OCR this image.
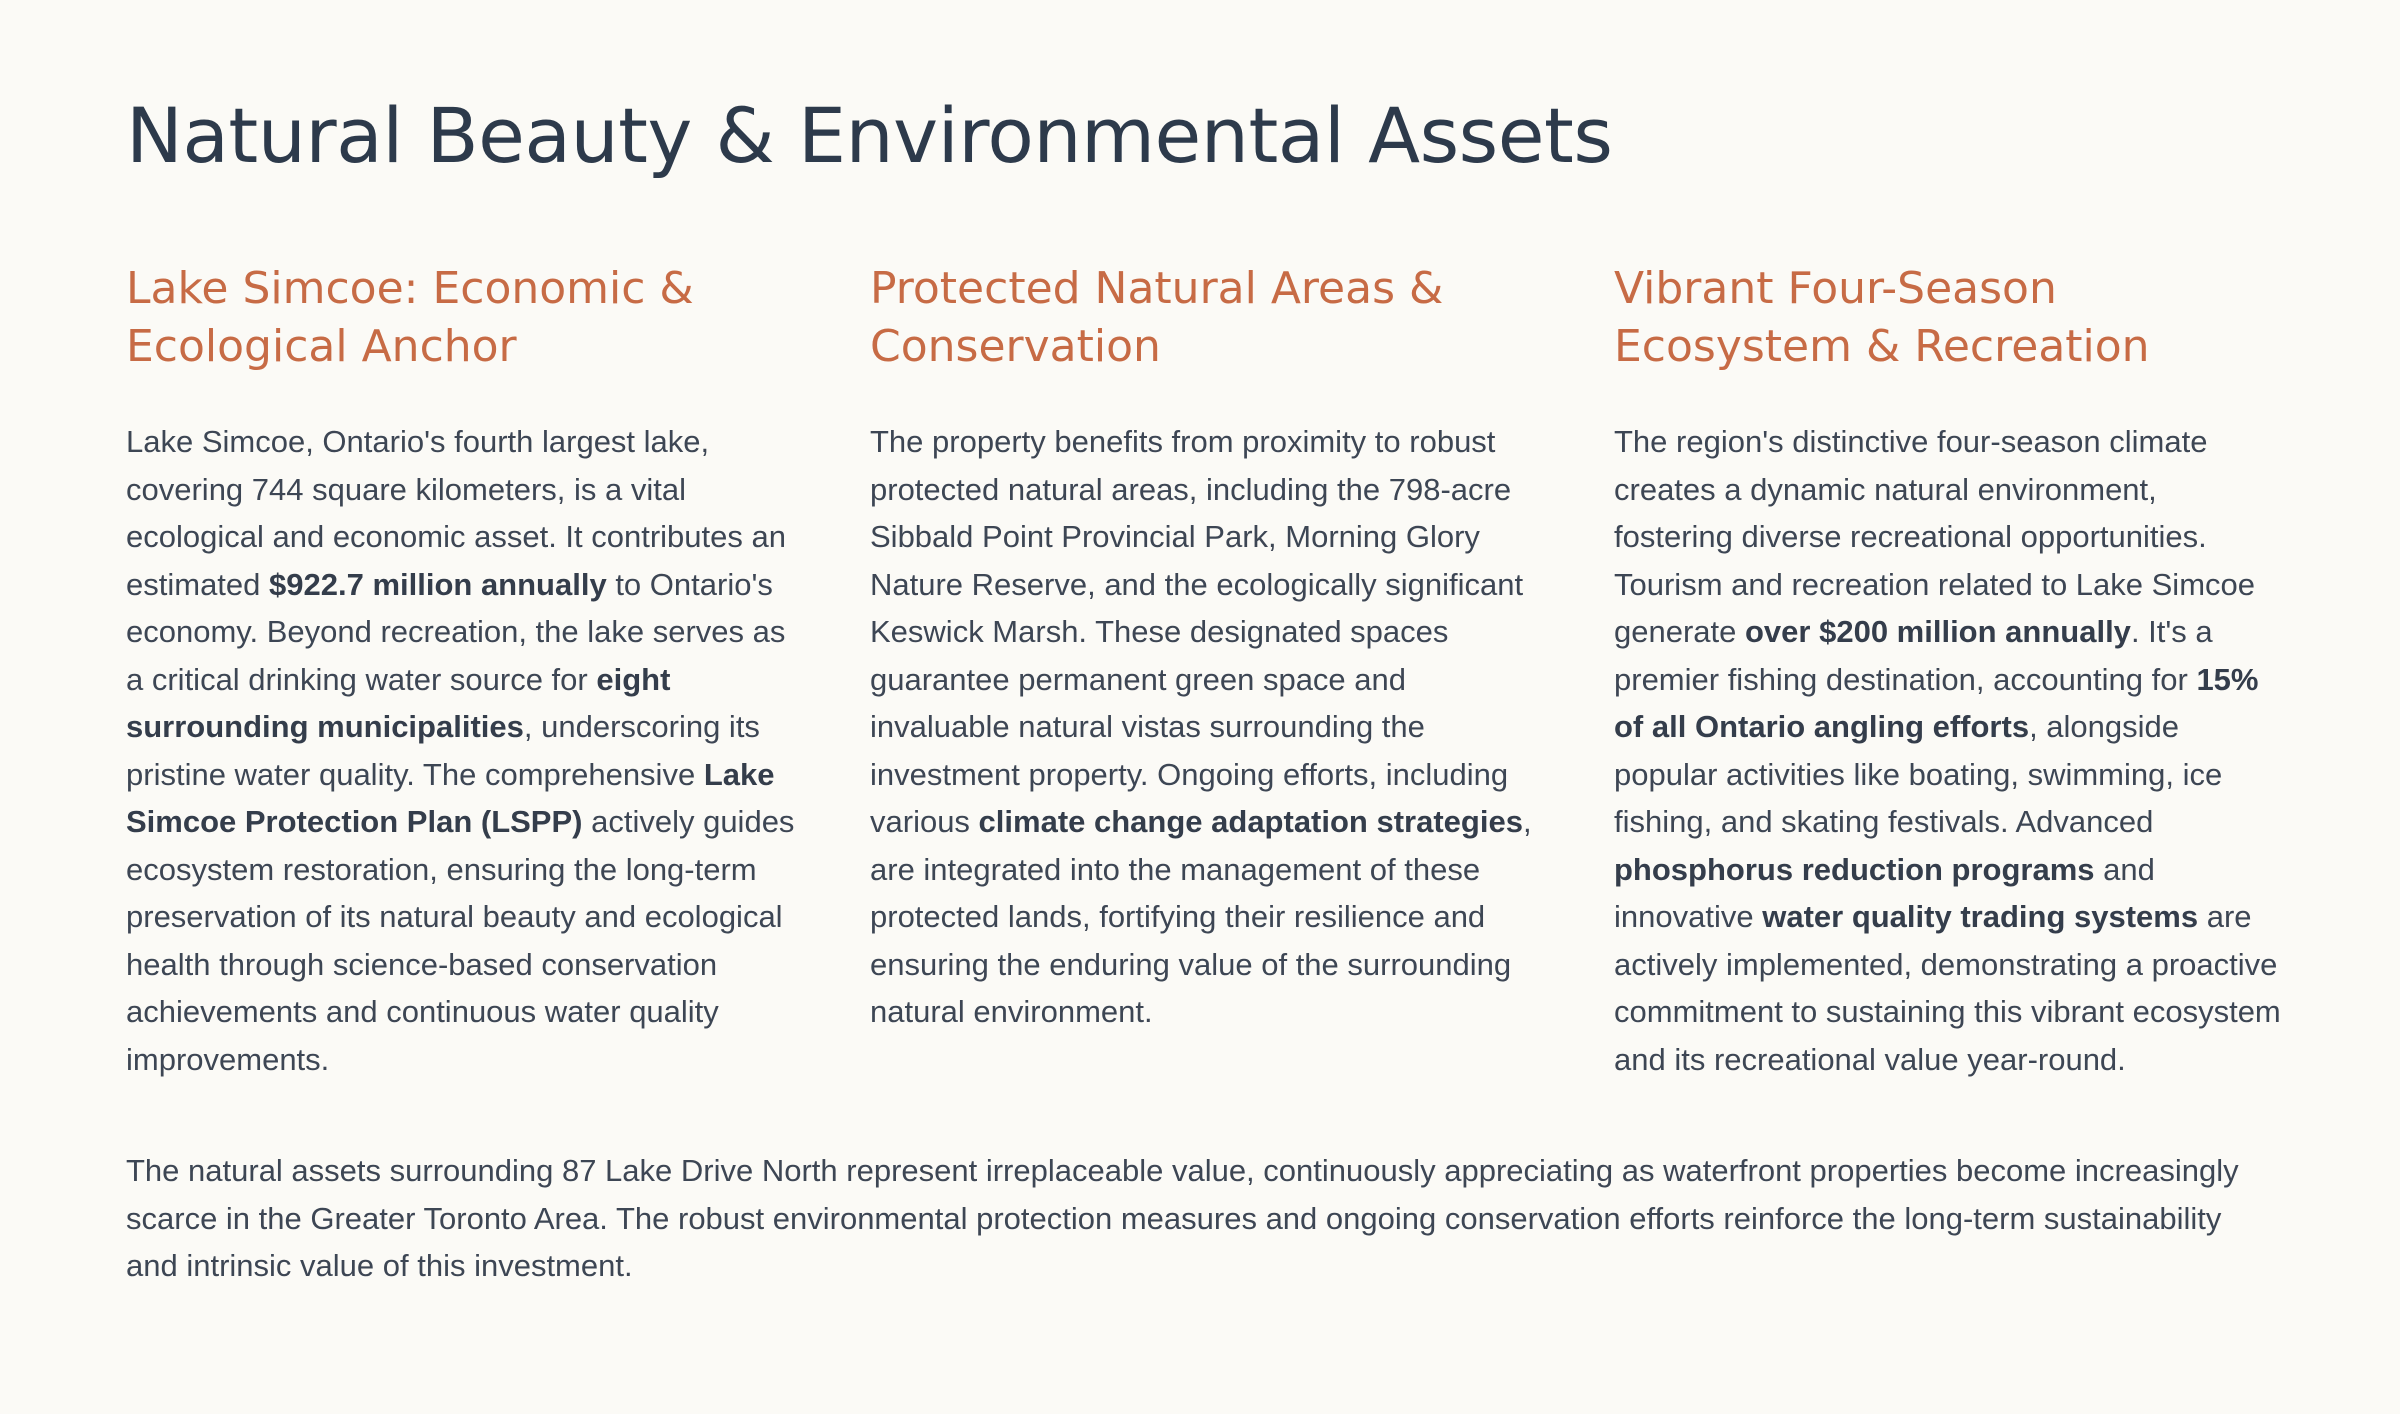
Natural Beauty & Environmental Assets
Lake Simcoe: Economic &
Ecological Anchor

Lake Simcoe, Ontario's fourth largest lake, covering 744 square kilometers, is a vital ecological and economic asset. It contributes an estimated $922.7 million annually to Ontario's economy. Beyond recreation, the lake serves as a critical drinking water source for eight surrounding municipalities, underscoring its pristine water quality. The comprehensive Lake Simcoe Protection Plan (LSPP) actively guides ecosystem restoration, ensuring the long-term preservation of its natural beauty and ecological health through science-based conservation achievements and continuous water quality improvements.

Protected Natural Areas &
Conservation

The property benefits from proximity to robust protected natural areas, including the 798-acre Sibbald Point Provincial Park, Morning Glory Nature Reserve, and the ecologically significant Keswick Marsh. These designated spaces guarantee permanent green space and invaluable natural vistas surrounding the investment property. Ongoing efforts, including various climate change adaptation strategies, are integrated into the management of these protected lands, fortifying their resilience and ensuring the enduring value of the surrounding natural environment.

Vibrant Four-Season
Ecosystem & Recreation

The region's distinctive four-season climate creates a dynamic natural environment, fostering diverse recreational opportunities. Tourism and recreation related to Lake Simcoe generate over $200 million annually. It's a premier fishing destination, accounting for 15% of all Ontario angling efforts, alongside popular activities like boating, swimming, ice fishing, and skating festivals. Advanced phosphorus reduction programs and innovative water quality trading systems are actively implemented, demonstrating a proactive commitment to sustaining this vibrant ecosystem and its recreational value year-round.

The natural assets surrounding 87 Lake Drive North represent irreplaceable value, continuously appreciating as waterfront properties become increasingly scarce in the Greater Toronto Area. The robust environmental protection measures and ongoing conservation efforts reinforce the long-term sustainability and intrinsic value of this investment.
